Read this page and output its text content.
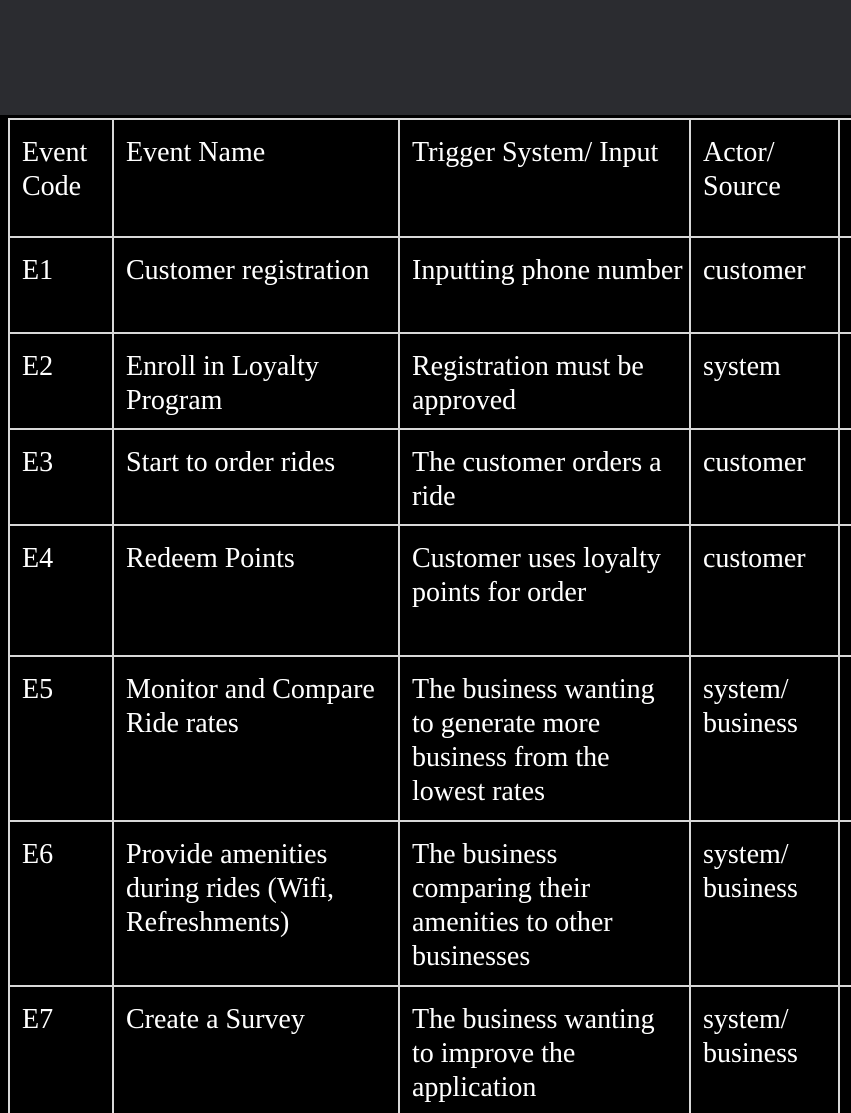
Event Code	Event Name	Trigger System/ Input	Actor/ Source	

E1	Customer registration	Inputting phone number	customer	

E2	Enroll in Loyalty Program	Registration must be approved	system	

E3	Start to order rides	The customer orders a ride	customer	

E4	Redeem Points	Customer uses loyalty points for order	customer	

E5	Monitor and Compare Ride rates	The business wanting to generate more business from the lowest rates	system/ business	

E6	Provide amenities during rides (Wifi, Refreshments)	The business comparing their amenities to other businesses	system/ business	

E7	Create a Survey	The business wanting to improve the application	system/ business	
